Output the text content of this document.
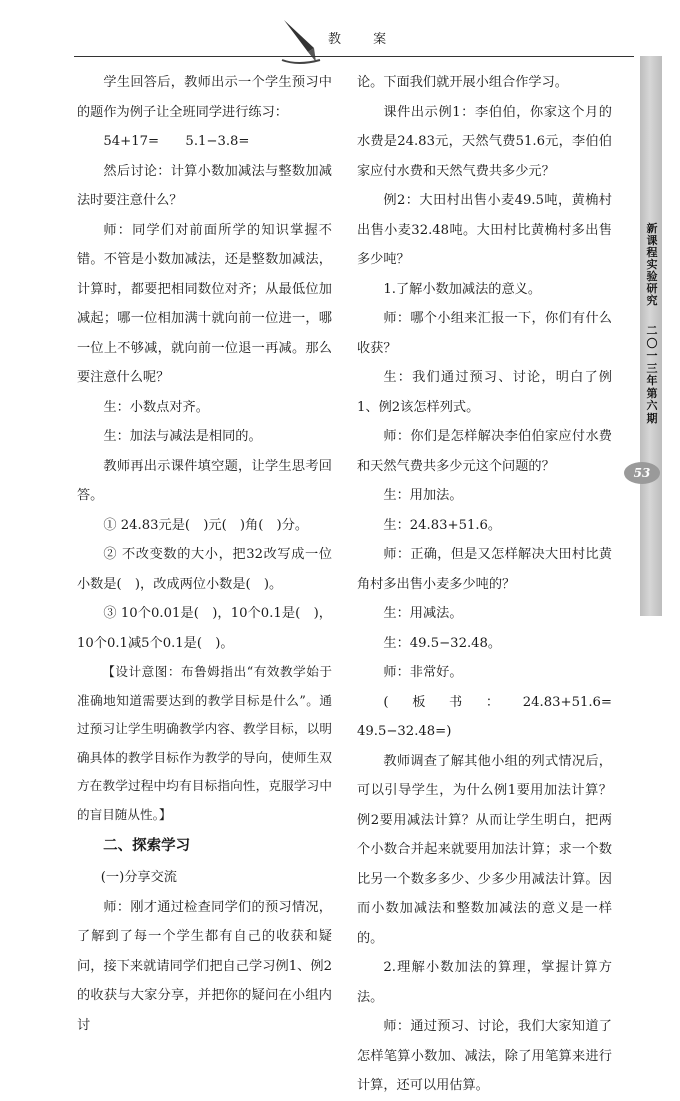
教 案
新课程实验研究
二〇一三年 第六期
53

学生回答后，教师出示一个学生预习中的题作为例子让全班同学进行练习：

54+17=　　5.1−3.8=

然后讨论：计算小数加减法与整数加减法时要注意什么？

师：同学们对前面所学的知识掌握不错。不管是小数加减法，还是整数加减法，计算时，都要把相同数位对齐；从最低位加减起；哪一位相加满十就向前一位进一，哪一位上不够减，就向前一位退一再减。那么要注意什么呢？

生：小数点对齐。

生：加法与减法是相同的。

教师再出示课件填空题，让学生思考回答。

① 24.83元是(　)元(　)角(　)分。

② 不改变数的大小，把32改写成一位小数是(　)，改成两位小数是(　)。

③ 10个0.01是(　)，10个0.1是(　)，10个0.1减5个0.1是(　)。

【设计意图：布鲁姆指出“有效教学始于准确地知道需要达到的教学目标是什么”。通过预习让学生明确教学内容、教学目标，以明确具体的教学目标作为教学的导向，使师生双方在教学过程中均有目标指向性，克服学习中的盲目随从性。】

二、探索学习

(一)分享交流

师：刚才通过检查同学们的预习情况，了解到了每一个学生都有自己的收获和疑问，接下来就请同学们把自己学习例1、例2的收获与大家分享，并把你的疑问在小组内讨

论。下面我们就开展小组合作学习。

课件出示例1：李伯伯，你家这个月的水费是24.83元，天然气费51.6元，李伯伯家应付水费和天然气费共多少元？

例2：大田村出售小麦49.5吨，黄桷村出售小麦32.48吨。大田村比黄桷村多出售多少吨？

1.了解小数加减法的意义。

师：哪个小组来汇报一下，你们有什么收获？

生：我们通过预习、讨论，明白了例1、例2该怎样列式。

师：你们是怎样解决李伯伯家应付水费和天然气费共多少元这个问题的？

生：用加法。

生：24.83+51.6。

师：正确，但是又怎样解决大田村比黄角村多出售小麦多少吨的？

生：用减法。

生：49.5−32.48。

师：非常好。

(板书：24.83+51.6=　　　49.5−32.48=)

教师调查了解其他小组的列式情况后，可以引导学生，为什么例1要用加法计算？例2要用减法计算？从而让学生明白，把两个小数合并起来就要用加法计算；求一个数比另一个数多多少、少多少用减法计算。因而小数加减法和整数加减法的意义是一样的。

2.理解小数加法的算理，掌握计算方法。

师：通过预习、讨论，我们大家知道了怎样笔算小数加、减法，除了用笔算来进行计算，还可以用估算。
